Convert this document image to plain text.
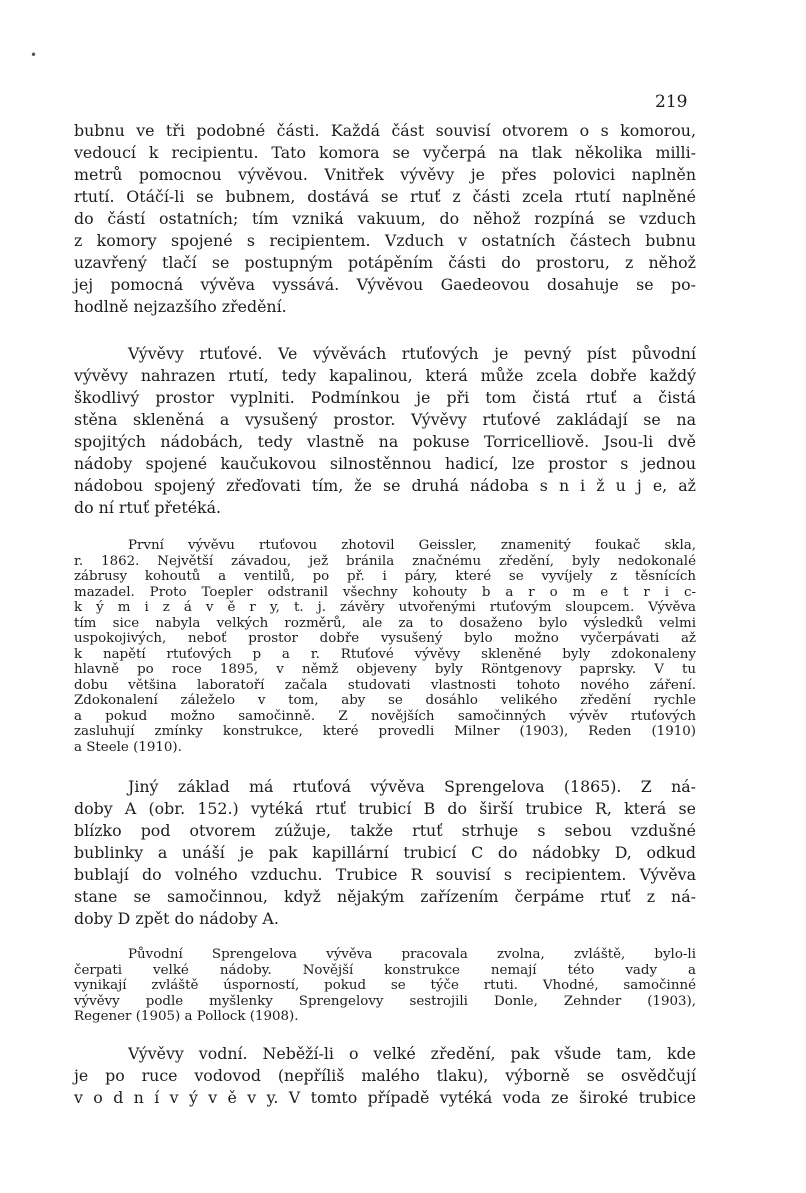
•
219
bubnu ve tři podobné části. Každá část souvisí otvorem o s komorou,
vedoucí k recipientu. Tato komora se vyčerpá na tlak několika milli-
metrů pomocnou vývěvou. Vnitřek vývěvy je přes polovici naplněn
rtutí. Otáčí-li se bubnem, dostává se rtuť z části zcela rtutí naplněné
do částí ostatních; tím vzniká vakuum, do něhož rozpíná se vzduch
z komory spojené s recipientem. Vzduch v ostatních částech bubnu
uzavřený tlačí se postupným potápěním části do prostoru, z něhož
jej pomocná vývěva vyssává. Vývěvou Gaedeovou dosahuje se po-
hodlně nejzazšího zředění.
Vývěvy rtuťové. Ve vývěvách rtuťových je pevný píst původní
vývěvy nahrazen rtutí, tedy kapalinou, která může zcela dobře každý
škodlivý prostor vyplniti. Podmínkou je při tom čistá rtuť a čistá
stěna skleněná a vysušený prostor. Vývěvy rtuťové zakládají se na
spojitých nádobách, tedy vlastně na pokuse Torricelliově. Jsou-li dvě
nádoby spojené kaučukovou silnostěnnou hadicí, lze prostor s jednou
nádobou spojený zřeďovati tím, že se druhá nádoba s n i ž u j e, až
do ní rtuť přetéká.
První vývěvu rtuťovou zhotovil Geissler, znamenitý foukač skla,
r. 1862. Největší závadou, jež bránila značnému zředění, byly nedokonalé
zábrusy kohoutů a ventilů, po př. i páry, které se vyvíjely z těsnících
mazadel. Proto Toepler odstranil všechny kohouty b a r o m e t r i c-
k ý m i z á v ě r y, t. j. závěry utvořenými rtuťovým sloupcem. Vývěva
tím sice nabyla velkých rozměrů, ale za to dosaženo bylo výsledků velmi
uspokojivých, neboť prostor dobře vysušený bylo možno vyčerpávati až
k napětí rtuťových p a r. Rtuťové vývěvy skleněné byly zdokonaleny
hlavně po roce 1895, v němž objeveny byly Röntgenovy paprsky. V tu
dobu většina laboratoří začala studovati vlastnosti tohoto nového záření.
Zdokonalení záleželo v tom, aby se dosáhlo velikého zředění rychle
a pokud možno samočinně. Z novějších samočinných vývěv rtuťových
zasluhují zmínky konstrukce, které provedli Milner (1903), Reden (1910)
a Steele (1910).
Jiný základ má rtuťová vývěva Sprengelova (1865). Z ná-
doby A (obr. 152.) vytéká rtuť trubicí B do širší trubice R, která se
blízko pod otvorem zúžuje, takže rtuť strhuje s sebou vzdušné
bublinky a unáší je pak kapillární trubicí C do nádobky D, odkud
bublají do volného vzduchu. Trubice R souvisí s recipientem. Vývěva
stane se samočinnou, když nějakým zařízením čerpáme rtuť z ná-
doby D zpět do nádoby A.
Původní Sprengelova vývěva pracovala zvolna, zvláště, bylo-li
čerpati velké nádoby. Novější konstrukce nemají této vady a
vynikají zvláště úsporností, pokud se týče rtuti. Vhodné, samočinné
vývěvy podle myšlenky Sprengelovy sestrojili Donle, Zehnder (1903),
Regener (1905) a Pollock (1908).
Vývěvy vodní. Neběží-li o velké zředění, pak všude tam, kde
je po ruce vodovod (nepříliš malého tlaku), výborně se osvědčují
v o d n í v ý v ě v y. V tomto případě vytéká voda ze široké trubice
